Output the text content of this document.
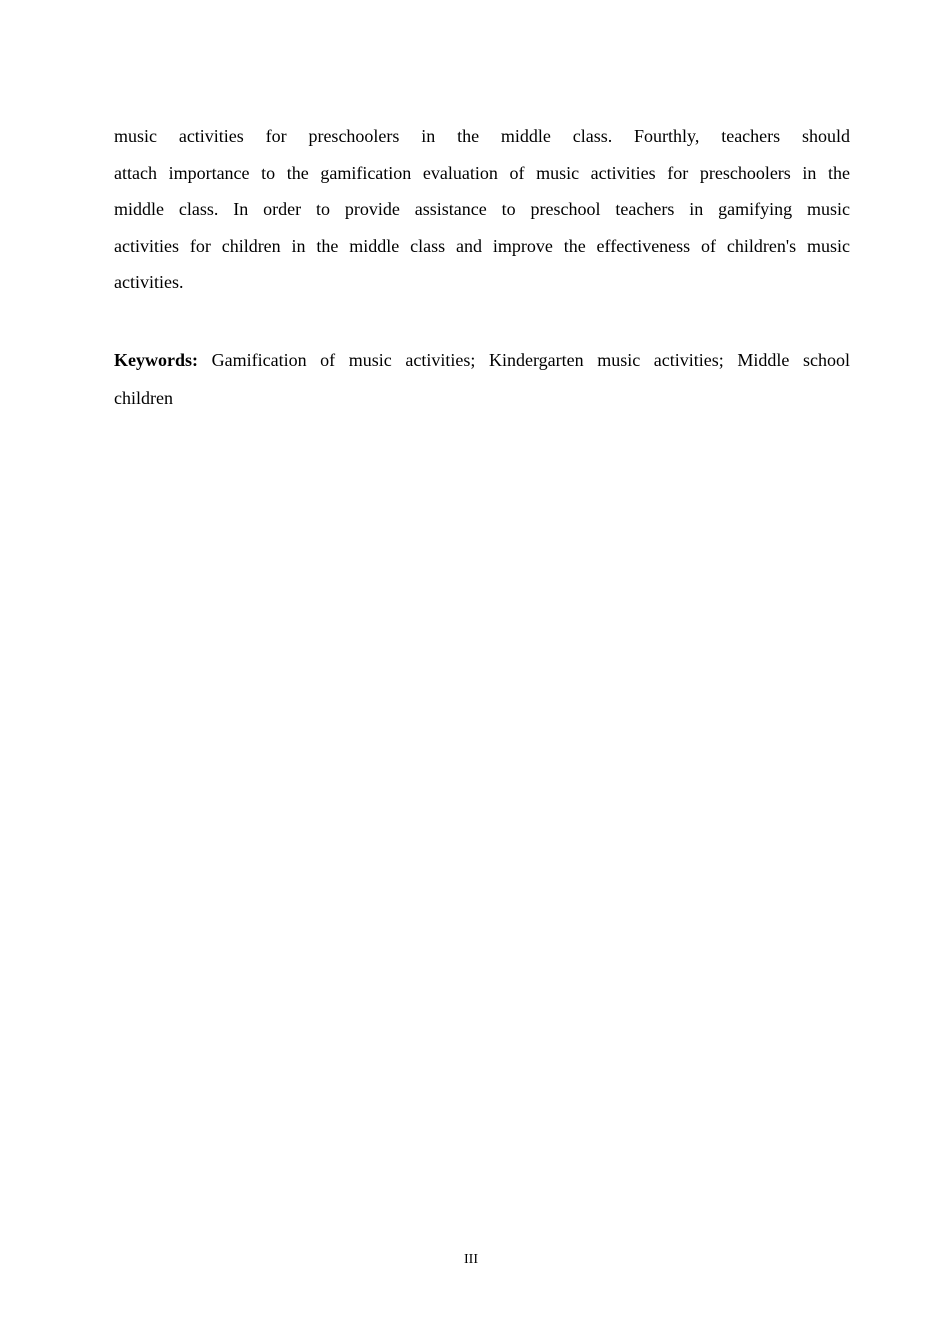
music activities for preschoolers in the middle class. Fourthly, teachers should
attach importance to the gamification evaluation of music activities for preschoolers in the
middle class. In order to provide assistance to preschool teachers in gamifying music
activities for children in the middle class and improve the effectiveness of children's music
activities.
Keywords: Gamification of music activities; Kindergarten music activities; Middle school
children
III
